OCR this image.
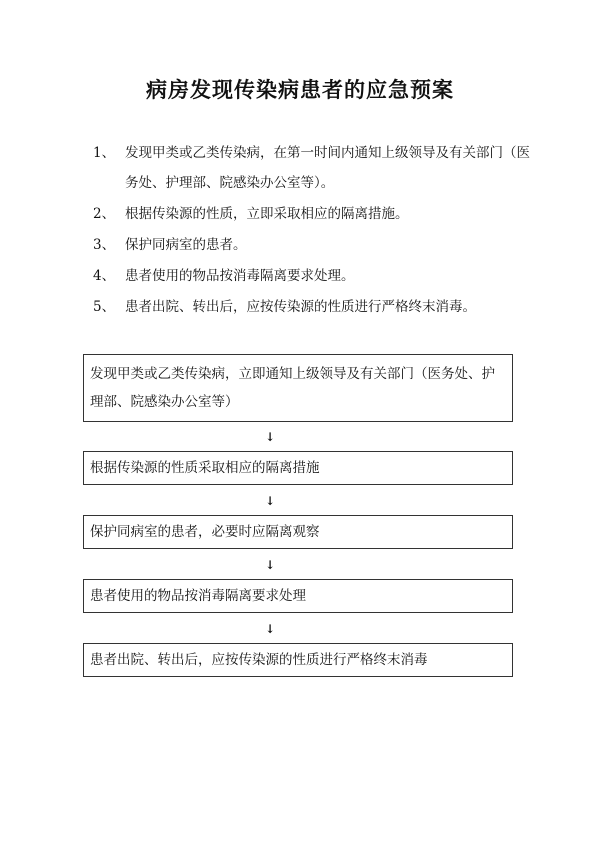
病房发现传染病患者的应急预案
1、 发现甲类或乙类传染病，在第一时间内通知上级领导及有关部门（医务处、护理部、院感染办公室等）。
2、 根据传染源的性质，立即采取相应的隔离措施。
3、 保护同病室的患者。
4、 患者使用的物品按消毒隔离要求处理。
5、 患者出院、转出后，应按传染源的性质进行严格终末消毒。
发现甲类或乙类传染病，立即通知上级领导及有关部门（医务处、护理部、院感染办公室等）
↓
根据传染源的性质采取相应的隔离措施
↓
保护同病室的患者，必要时应隔离观察
↓
患者使用的物品按消毒隔离要求处理
↓
患者出院、转出后，应按传染源的性质进行严格终末消毒
